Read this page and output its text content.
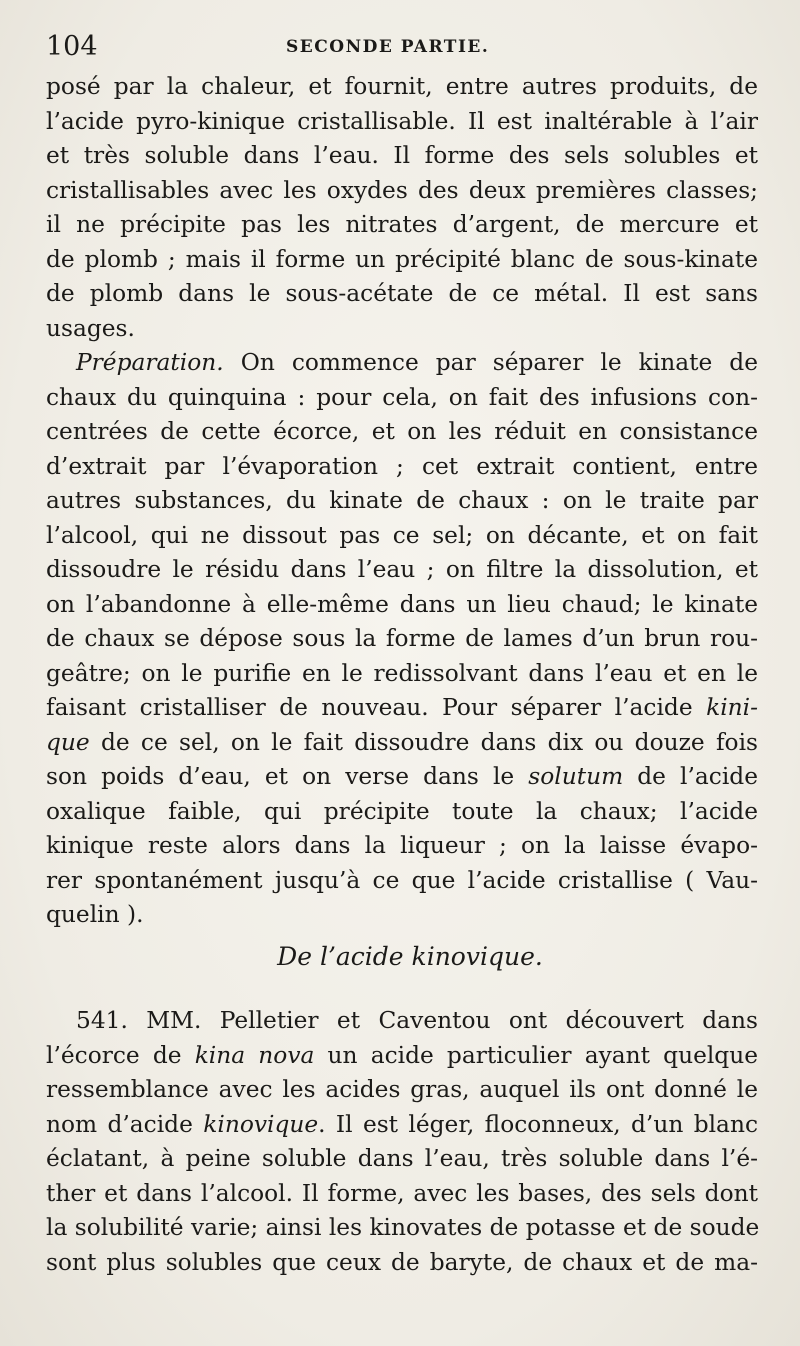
104	SECONDE PARTIE.
posé par la chaleur, et fournit, entre autres produits, de
l’acide pyro-kinique cristallisable. Il est inaltérable à l’air
et très soluble dans l’eau. Il forme des sels solubles et
cristallisables avec les oxydes des deux premières classes;
il ne précipite pas les nitrates d’argent, de mercure et
de plomb ; mais il forme un précipité blanc de sous-kinate
de plomb dans le sous-acétate de ce métal. Il est sans
usages.
Préparation. On commence par séparer le kinate de
chaux du quinquina : pour cela, on fait des infusions con-
centrées de cette écorce, et on les réduit en consistance
d’extrait par l’évaporation ; cet extrait contient, entre
autres substances, du kinate de chaux : on le traite par
l’alcool, qui ne dissout pas ce sel; on décante, et on fait
dissoudre le résidu dans l’eau ; on filtre la dissolution, et
on l’abandonne à elle-même dans un lieu chaud; le kinate
de chaux se dépose sous la forme de lames d’un brun rou-
geâtre; on le purifie en le redissolvant dans l’eau et en le
faisant cristalliser de nouveau. Pour séparer l’acide kini-
que de ce sel, on le fait dissoudre dans dix ou douze fois
son poids d’eau, et on verse dans le solutum de l’acide
oxalique faible, qui précipite toute la chaux; l’acide
kinique reste alors dans la liqueur ; on la laisse évapo-
rer spontanément jusqu’à ce que l’acide cristallise ( Vau-
quelin ).
De l’acide kinovique.
541. MM. Pelletier et Caventou ont découvert dans
l’écorce de kina nova un acide particulier ayant quelque
ressemblance avec les acides gras, auquel ils ont donné le
nom d’acide kinovique. Il est léger, floconneux, d’un blanc
éclatant, à peine soluble dans l’eau, très soluble dans l’é-
ther et dans l’alcool. Il forme, avec les bases, des sels dont
la solubilité varie; ainsi les kinovates de potasse et de soude
sont plus solubles que ceux de baryte, de chaux et de ma-
